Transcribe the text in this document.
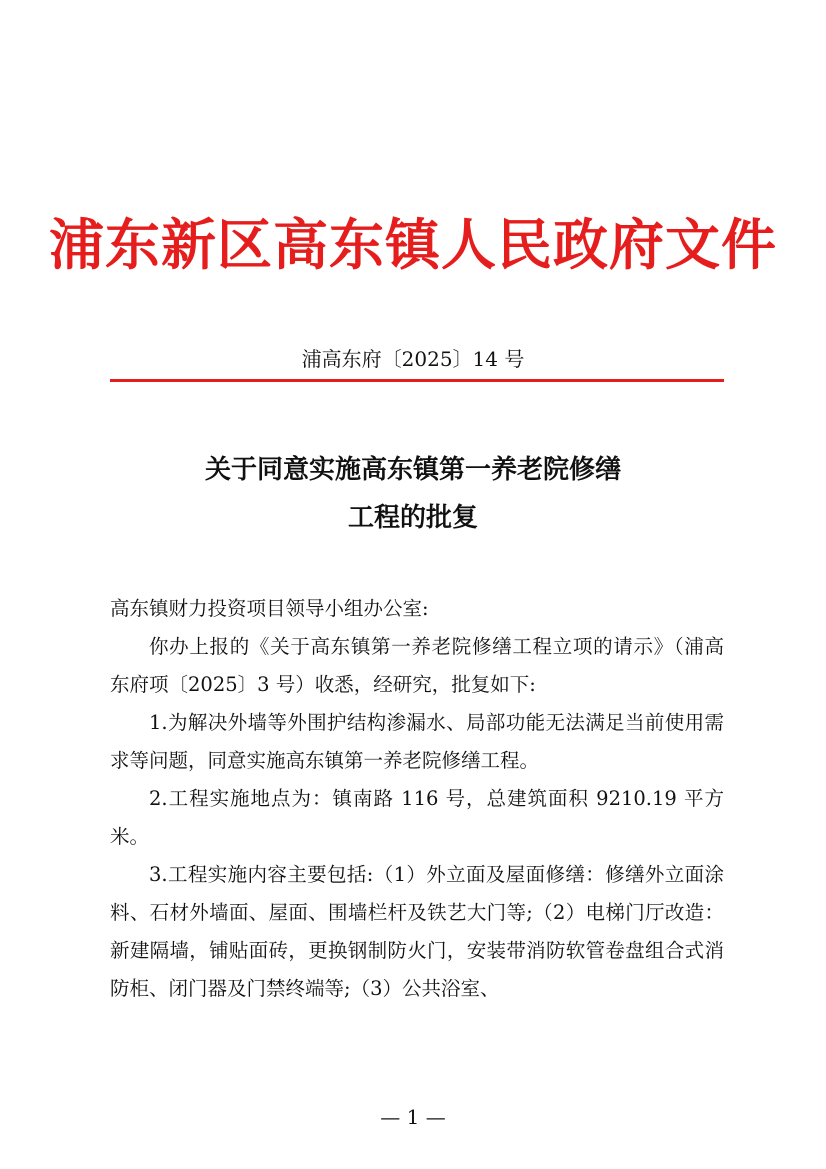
浦东新区高东镇人民政府文件
浦高东府〔2025〕14 号
关于同意实施高东镇第一养老院修缮
工程的批复

高东镇财力投资项目领导小组办公室:

你办上报的《关于高东镇第一养老院修缮工程立项的请示》（浦高东府项〔2025〕3 号）收悉，经研究，批复如下:

1.为解决外墙等外围护结构渗漏水、局部功能无法满足当前使用需求等问题，同意实施高东镇第一养老院修缮工程。

2.工程实施地点为：镇南路 116 号，总建筑面积 9210.19 平方米。

3.工程实施内容主要包括:（1）外立面及屋面修缮：修缮外立面涂料、石材外墙面、屋面、围墙栏杆及铁艺大门等;（2）电梯门厅改造：新建隔墙，铺贴面砖，更换钢制防火门，安装带消防软管卷盘组合式消防柜、闭门器及门禁终端等;（3）公共浴室、

— 1 —
